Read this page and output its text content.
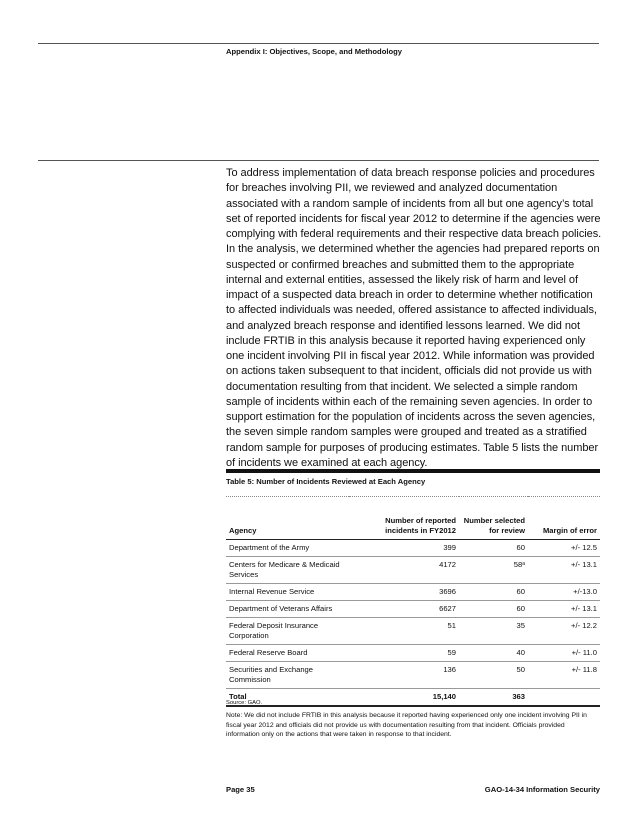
Appendix I: Objectives, Scope, and Methodology
To address implementation of data breach response policies and procedures for breaches involving PII, we reviewed and analyzed documentation associated with a random sample of incidents from all but one agency’s total set of reported incidents for fiscal year 2012 to determine if the agencies were complying with federal requirements and their respective data breach policies. In the analysis, we determined whether the agencies had prepared reports on suspected or confirmed breaches and submitted them to the appropriate internal and external entities, assessed the likely risk of harm and level of impact of a suspected data breach in order to determine whether notification to affected individuals was needed, offered assistance to affected individuals, and analyzed breach response and identified lessons learned. We did not include FRTIB in this analysis because it reported having experienced only one incident involving PII in fiscal year 2012. While information was provided on actions taken subsequent to that incident, officials did not provide us with documentation resulting from that incident. We selected a simple random sample of incidents within each of the remaining seven agencies. In order to support estimation for the population of incidents across the seven agencies, the seven simple random samples were grouped and treated as a stratified random sample for purposes of producing estimates. Table 5 lists the number of incidents we examined at each agency.
Table 5: Number of Incidents Reviewed at Each Agency
Agency	Number of reported incidents in FY2012	Number selected for review	Margin of error
Department of the Army	399	60	+/- 12.5
Centers for Medicare & Medicaid Services	4172	$58^a$	+/- 13.1
Internal Revenue Service	3696	60	+/-13.0
Department of Veterans Affairs	6627	60	+/- 13.1
Federal Deposit Insurance Corporation	51	35	+/- 12.2
Federal Reserve Board	59	40	+/- 11.0
Securities and Exchange Commission	136	50	+/- 11.8
Total	15,140	363	
Source: GAO.
Note: We did not include FRTIB in this analysis because it reported having experienced only one incident involving PII in fiscal year 2012 and officials did not provide us with documentation resulting from that incident. Officials provided information only on the actions that were taken in response to that incident.
Page 35	GAO-14-34 Information Security
